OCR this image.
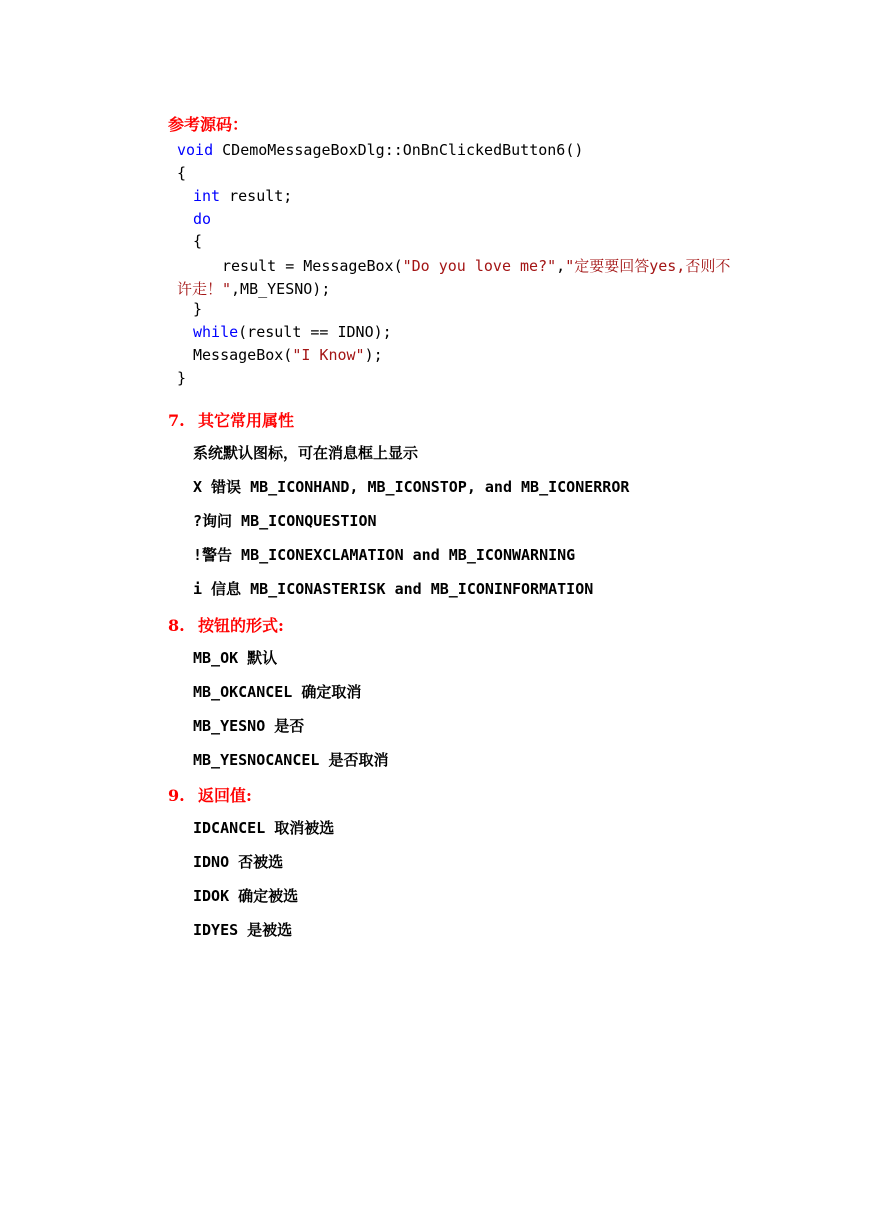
参考源码：
void CDemoMessageBoxDlg::OnBnClickedButton6()
{
int result;
do
{
result = MessageBox("Do you love me?","定要要回答yes,否则不
许走！",MB_YESNO);
}
while(result == IDNO);
MessageBox("I Know");
}
7. 其它常用属性
系统默认图标，可在消息框上显示
X 错误 MB_ICONHAND, MB_ICONSTOP, and MB_ICONERROR
?询问 MB_ICONQUESTION
!警告 MB_ICONEXCLAMATION and MB_ICONWARNING
i 信息 MB_ICONASTERISK and MB_ICONINFORMATION
8. 按钮的形式:
MB_OK 默认
MB_OKCANCEL 确定取消
MB_YESNO 是否
MB_YESNOCANCEL 是否取消
9. 返回值:
IDCANCEL 取消被选
IDNO 否被选
IDOK 确定被选
IDYES 是被选
